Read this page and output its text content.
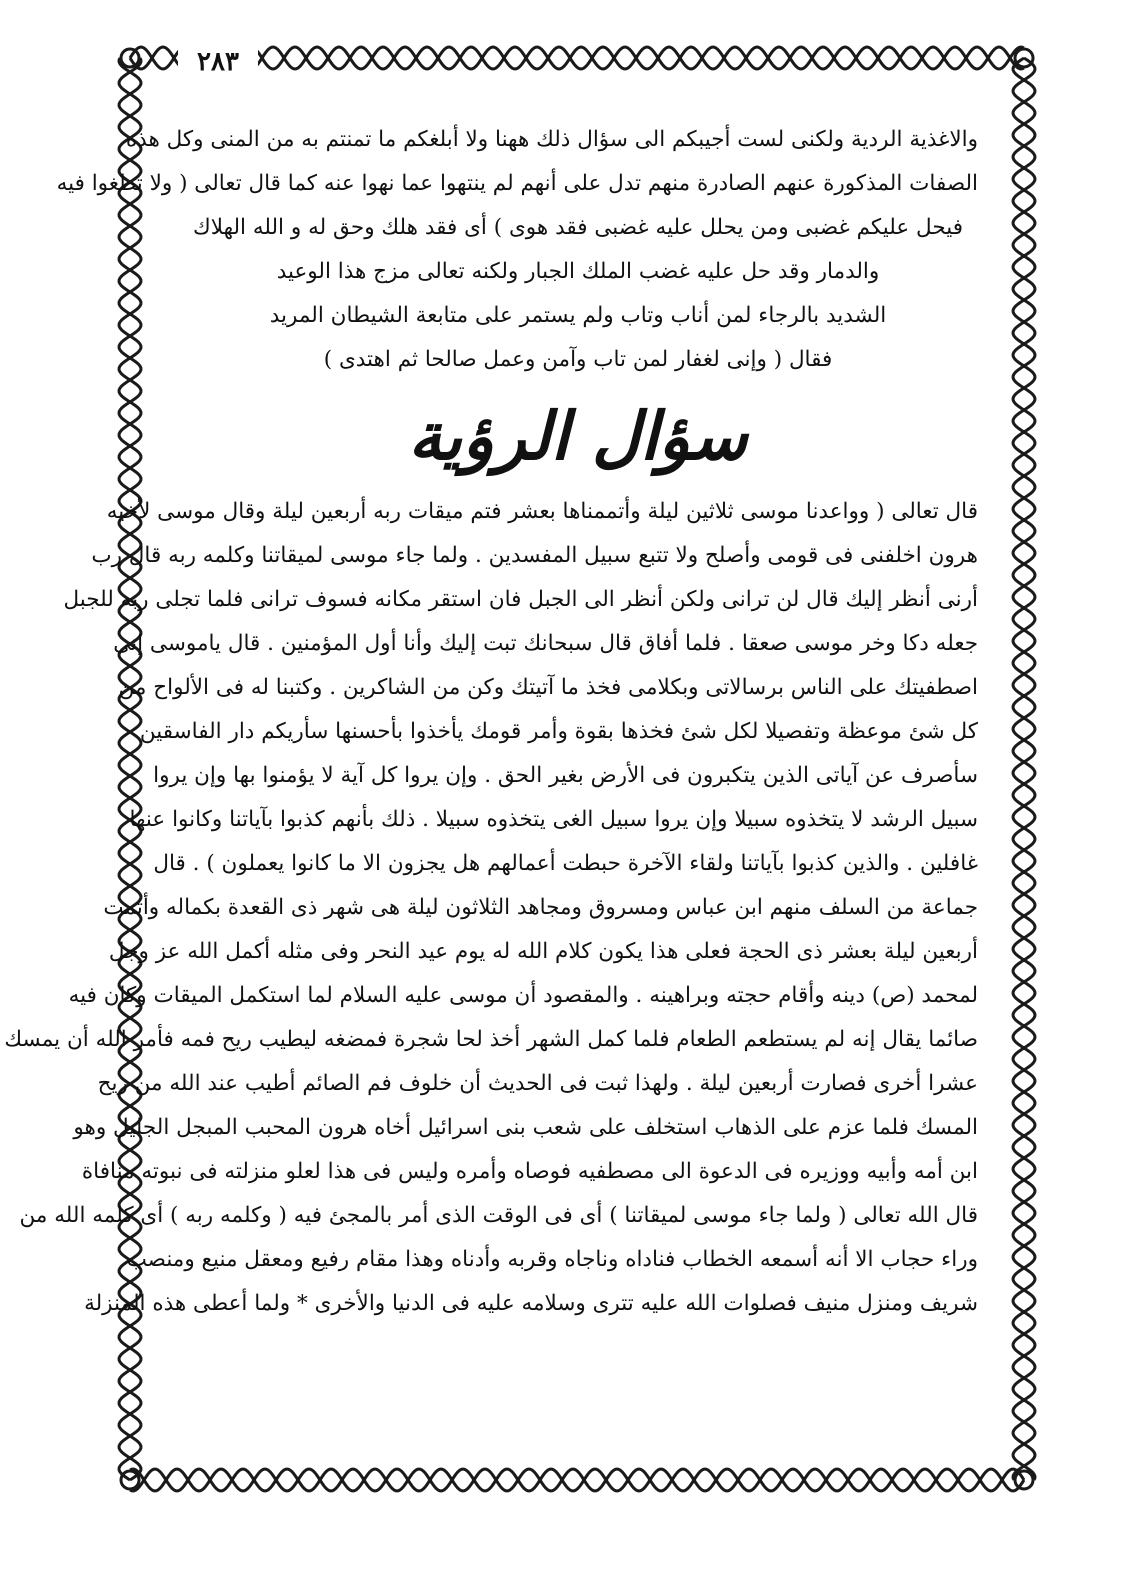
٢٨٣
والاغذية الردية ولكنى لست أجيبكم الى سؤال ذلك ههنا ولا أبلغكم ما تمنتم به من المنى وكل هذه
الصفات المذكورة عنهم الصادرة منهم تدل على أنهم لم ينتهوا عما نهوا عنه كما قال تعالى ( ولا تطغوا فيه
فيحل عليكم غضبى ومن يحلل عليه غضبى فقد هوى ) أى فقد هلك وحق له و الله الهلاك
والدمار وقد حل عليه غضب الملك الجبار ولكنه تعالى مزج هذا الوعيد
الشديد بالرجاء لمن أناب وتاب ولم يستمر على متابعة الشيطان المريد
فقال ( وإنى لغفار لمن تاب وآمن وعمل صالحا ثم اهتدى )
سؤال الرؤية
قال تعالى ( وواعدنا موسى ثلاثين ليلة وأتممناها بعشر فتم ميقات ربه أربعين ليلة وقال موسى لأخيه
هرون اخلفنى فى قومى وأصلح ولا تتبع سبيل المفسدين . ولما جاء موسى لميقاتنا وكلمه ربه قال رب
أرنى أنظر إليك قال لن ترانى ولكن أنظر الى الجبل فان استقر مكانه فسوف ترانى فلما تجلى ربه للجبل
جعله دكا وخر موسى صعقا . فلما أفاق قال سبحانك تبت إليك وأنا أول المؤمنين . قال ياموسى إنى
اصطفيتك على الناس برسالاتى وبكلامى فخذ ما آتيتك وكن من الشاكرين . وكتبنا له فى الألواح من
كل شئ موعظة وتفصيلا لكل شئ فخذها بقوة وأمر قومك يأخذوا بأحسنها سأريكم دار الفاسقين
سأصرف عن آياتى الذين يتكبرون فى الأرض بغير الحق . وإن يروا كل آية لا يؤمنوا بها وإن يروا
سبيل الرشد لا يتخذوه سبيلا وإن يروا سبيل الغى يتخذوه سبيلا . ذلك بأنهم كذبوا بآياتنا وكانوا عنها
غافلين . والذين كذبوا بآياتنا ولقاء الآخرة حبطت أعمالهم هل يجزون الا ما كانوا يعملون ) . قال
جماعة من السلف منهم ابن عباس ومسروق ومجاهد الثلاثون ليلة هى شهر ذى القعدة بكماله وأتمت
أربعين ليلة بعشر ذى الحجة فعلى هذا يكون كلام الله له يوم عيد النحر وفى مثله أكمل الله عز وجل
لمحمد (ص) دينه وأقام حجته وبراهينه . والمقصود أن موسى عليه السلام لما استكمل الميقات وكان فيه
صائما يقال إنه لم يستطعم الطعام فلما كمل الشهر أخذ لحا شجرة فمضغه ليطيب ريح فمه فأمر الله أن يمسك
عشرا أخرى فصارت أربعين ليلة . ولهذا ثبت فى الحديث أن خلوف فم الصائم أطيب عند الله من ريح
المسك فلما عزم على الذهاب استخلف على شعب بنى اسرائيل أخاه هرون المحبب المبجل الجليل وهو
ابن أمه وأبيه ووزيره فى الدعوة الى مصطفيه فوصاه وأمره وليس فى هذا لعلو منزلته فى نبوته منافاة
قال الله تعالى ( ولما جاء موسى لميقاتنا ) أى فى الوقت الذى أمر بالمجئ فيه ( وكلمه ربه ) أى كلمه الله من
وراء حجاب الا أنه أسمعه الخطاب فناداه وناجاه وقربه وأدناه وهذا مقام رفيع ومعقل منيع ومنصب
شريف ومنزل منيف فصلوات الله عليه تترى وسلامه عليه فى الدنيا والأخرى * ولما أعطى هذه المنزلة
